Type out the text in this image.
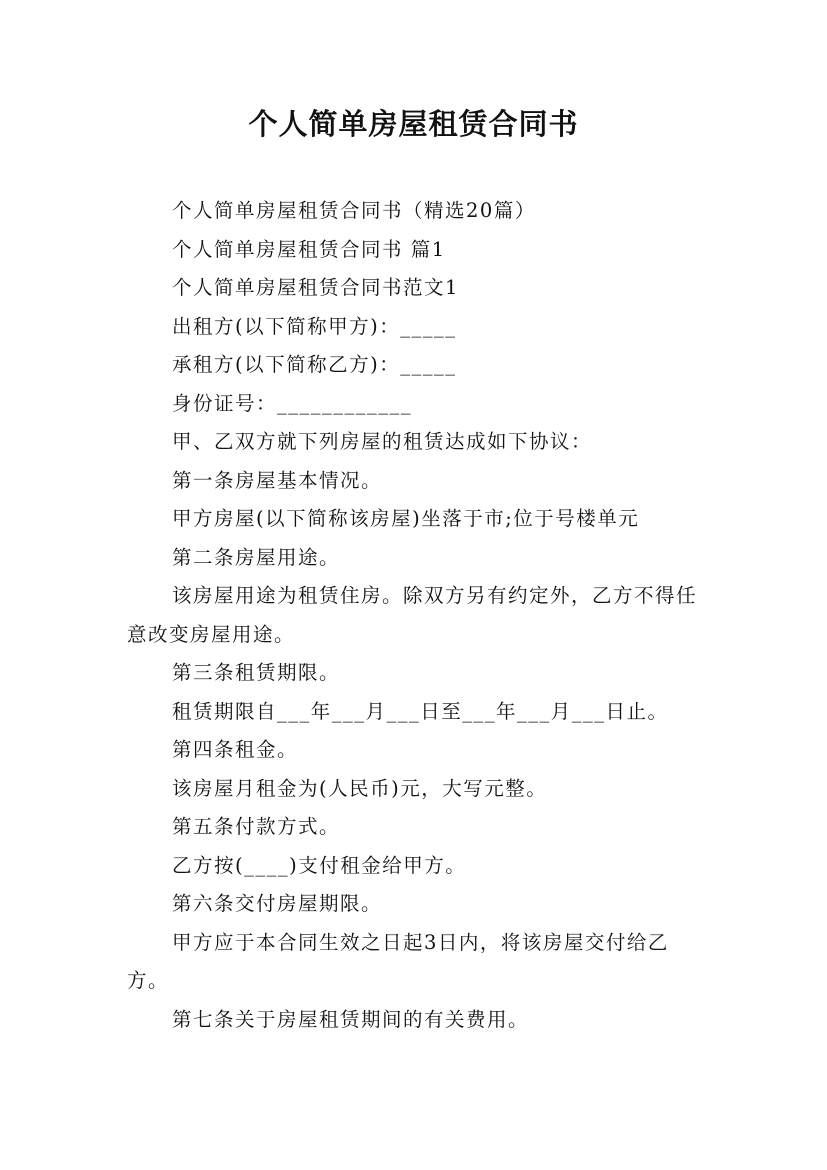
个人简单房屋租赁合同书

个人简单房屋租赁合同书（精选20篇）

个人简单房屋租赁合同书 篇1

个人简单房屋租赁合同书范文1

出租方(以下简称甲方)：_____

承租方(以下简称乙方)：_____

身份证号：____________

甲、乙双方就下列房屋的租赁达成如下协议：

第一条房屋基本情况。

甲方房屋(以下简称该房屋)坐落于市;位于号楼单元

第二条房屋用途。

该房屋用途为租赁住房。除双方另有约定外，乙方不得任意改变房屋用途。

第三条租赁期限。

租赁期限自___年___月___日至___年___月___日止。

第四条租金。

该房屋月租金为(人民币)元，大写元整。

第五条付款方式。

乙方按(____)支付租金给甲方。

第六条交付房屋期限。

甲方应于本合同生效之日起3日内，将该房屋交付给乙方。

第七条关于房屋租赁期间的有关费用。
